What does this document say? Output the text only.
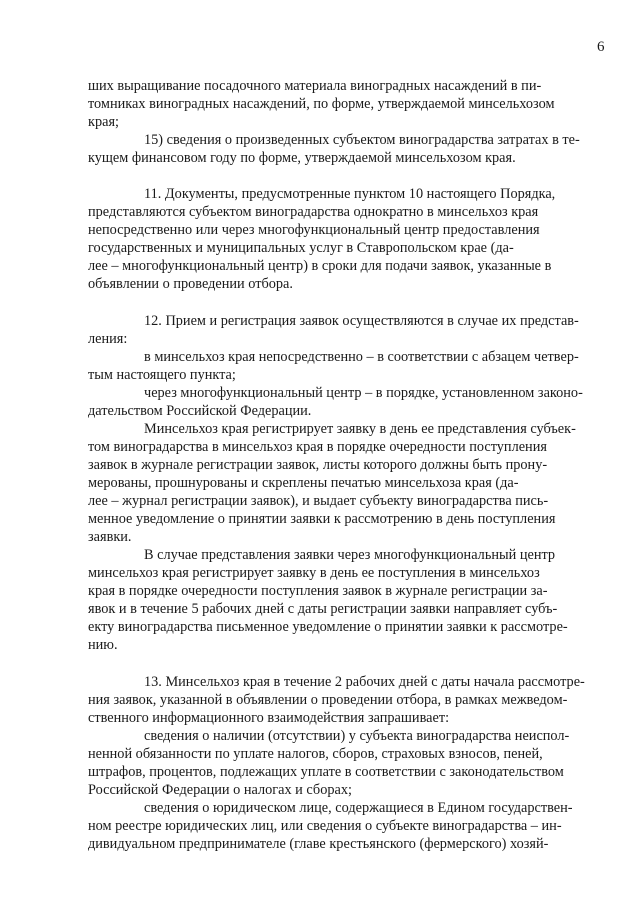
6
ших выращивание посадочного материала виноградных насаждений в пи-
томниках виноградных насаждений, по форме, утверждаемой минсельхозом
края;
15) сведения о произведенных субъектом виноградарства затратах в те-
кущем финансовом году по форме, утверждаемой минсельхозом края.
11. Документы, предусмотренные пунктом 10 настоящего Порядка,
представляются субъектом виноградарства однократно в минсельхоз края
непосредственно или через многофункциональный центр предоставления
государственных и муниципальных услуг в Ставропольском крае (да-
лее – многофункциональный центр) в сроки для подачи заявок, указанные в
объявлении о проведении отбора.
12. Прием и регистрация заявок осуществляются в случае их представ-
ления:
в минсельхоз края непосредственно – в соответствии с абзацем четвер-
тым настоящего пункта;
через многофункциональный центр – в порядке, установленном законо-
дательством Российской Федерации.
Минсельхоз края регистрирует заявку в день ее представления субъек-
том виноградарства в минсельхоз края в порядке очередности поступления
заявок в журнале регистрации заявок, листы которого должны быть прону-
мерованы, прошнурованы и скреплены печатью минсельхоза края (да-
лее – журнал регистрации заявок), и выдает субъекту виноградарства пись-
менное уведомление о принятии заявки к рассмотрению в день поступления
заявки.
В случае представления заявки через многофункциональный центр
минсельхоз края регистрирует заявку в день ее поступления в минсельхоз
края в порядке очередности поступления заявок в журнале регистрации за-
явок и в течение 5 рабочих дней с даты регистрации заявки направляет субъ-
екту виноградарства письменное уведомление о принятии заявки к рассмотре-
нию.
13. Минсельхоз края в течение 2 рабочих дней с даты начала рассмотре-
ния заявок, указанной в объявлении о проведении отбора, в рамках межведом-
ственного информационного взаимодействия запрашивает:
сведения о наличии (отсутствии) у субъекта виноградарства неиспол-
ненной обязанности по уплате налогов, сборов, страховых взносов, пеней,
штрафов, процентов, подлежащих уплате в соответствии с законодательством
Российской Федерации о налогах и сборах;
сведения о юридическом лице, содержащиеся в Едином государствен-
ном реестре юридических лиц, или сведения о субъекте виноградарства – ин-
дивидуальном предпринимателе (главе крестьянского (фермерского) хозяй-
